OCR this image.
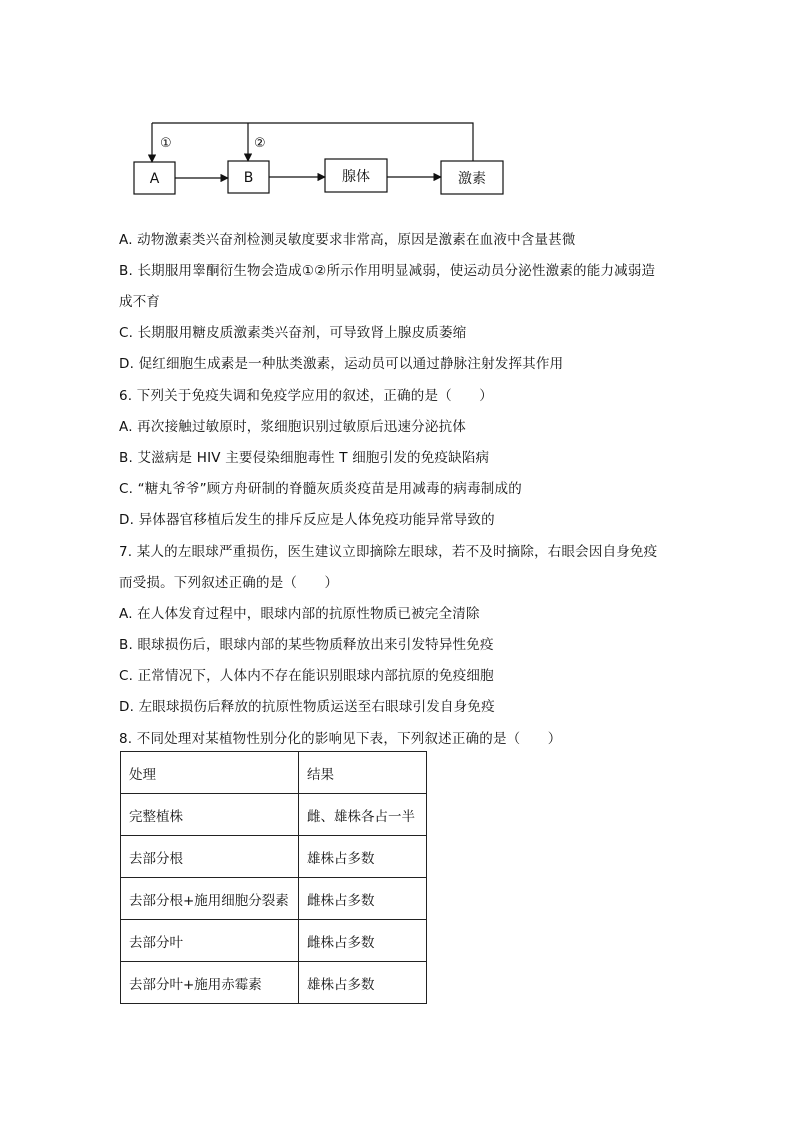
A	B	腺体	激素
①	②
A. 动物激素类兴奋剂检测灵敏度要求非常高，原因是激素在血液中含量甚微
B. 长期服用睾酮衍生物会造成①②所示作用明显减弱，使运动员分泌性激素的能力减弱造
成不育
C. 长期服用糖皮质激素类兴奋剂，可导致肾上腺皮质萎缩
D. 促红细胞生成素是一种肽类激素，运动员可以通过静脉注射发挥其作用
6. 下列关于免疫失调和免疫学应用的叙述，正确的是（　　）
A. 再次接触过敏原时，浆细胞识别过敏原后迅速分泌抗体
B. 艾滋病是 HIV 主要侵染细胞毒性 T 细胞引发的免疫缺陷病
C. “糖丸爷爷”顾方舟研制的脊髓灰质炎疫苗是用减毒的病毒制成的
D. 异体器官移植后发生的排斥反应是人体免疫功能异常导致的
7. 某人的左眼球严重损伤，医生建议立即摘除左眼球，若不及时摘除，右眼会因自身免疫
而受损。下列叙述正确的是（　　）
A. 在人体发育过程中，眼球内部的抗原性物质已被完全清除
B. 眼球损伤后，眼球内部的某些物质释放出来引发特异性免疫
C. 正常情况下，人体内不存在能识别眼球内部抗原的免疫细胞
D. 左眼球损伤后释放的抗原性物质运送至右眼球引发自身免疫
8. 不同处理对某植物性别分化的影响见下表，下列叙述正确的是（　　）
处理	结果
完整植株	雌、雄株各占一半
去部分根	雄株占多数
去部分根+施用细胞分裂素	雌株占多数
去部分叶	雌株占多数
去部分叶+施用赤霉素	雄株占多数
